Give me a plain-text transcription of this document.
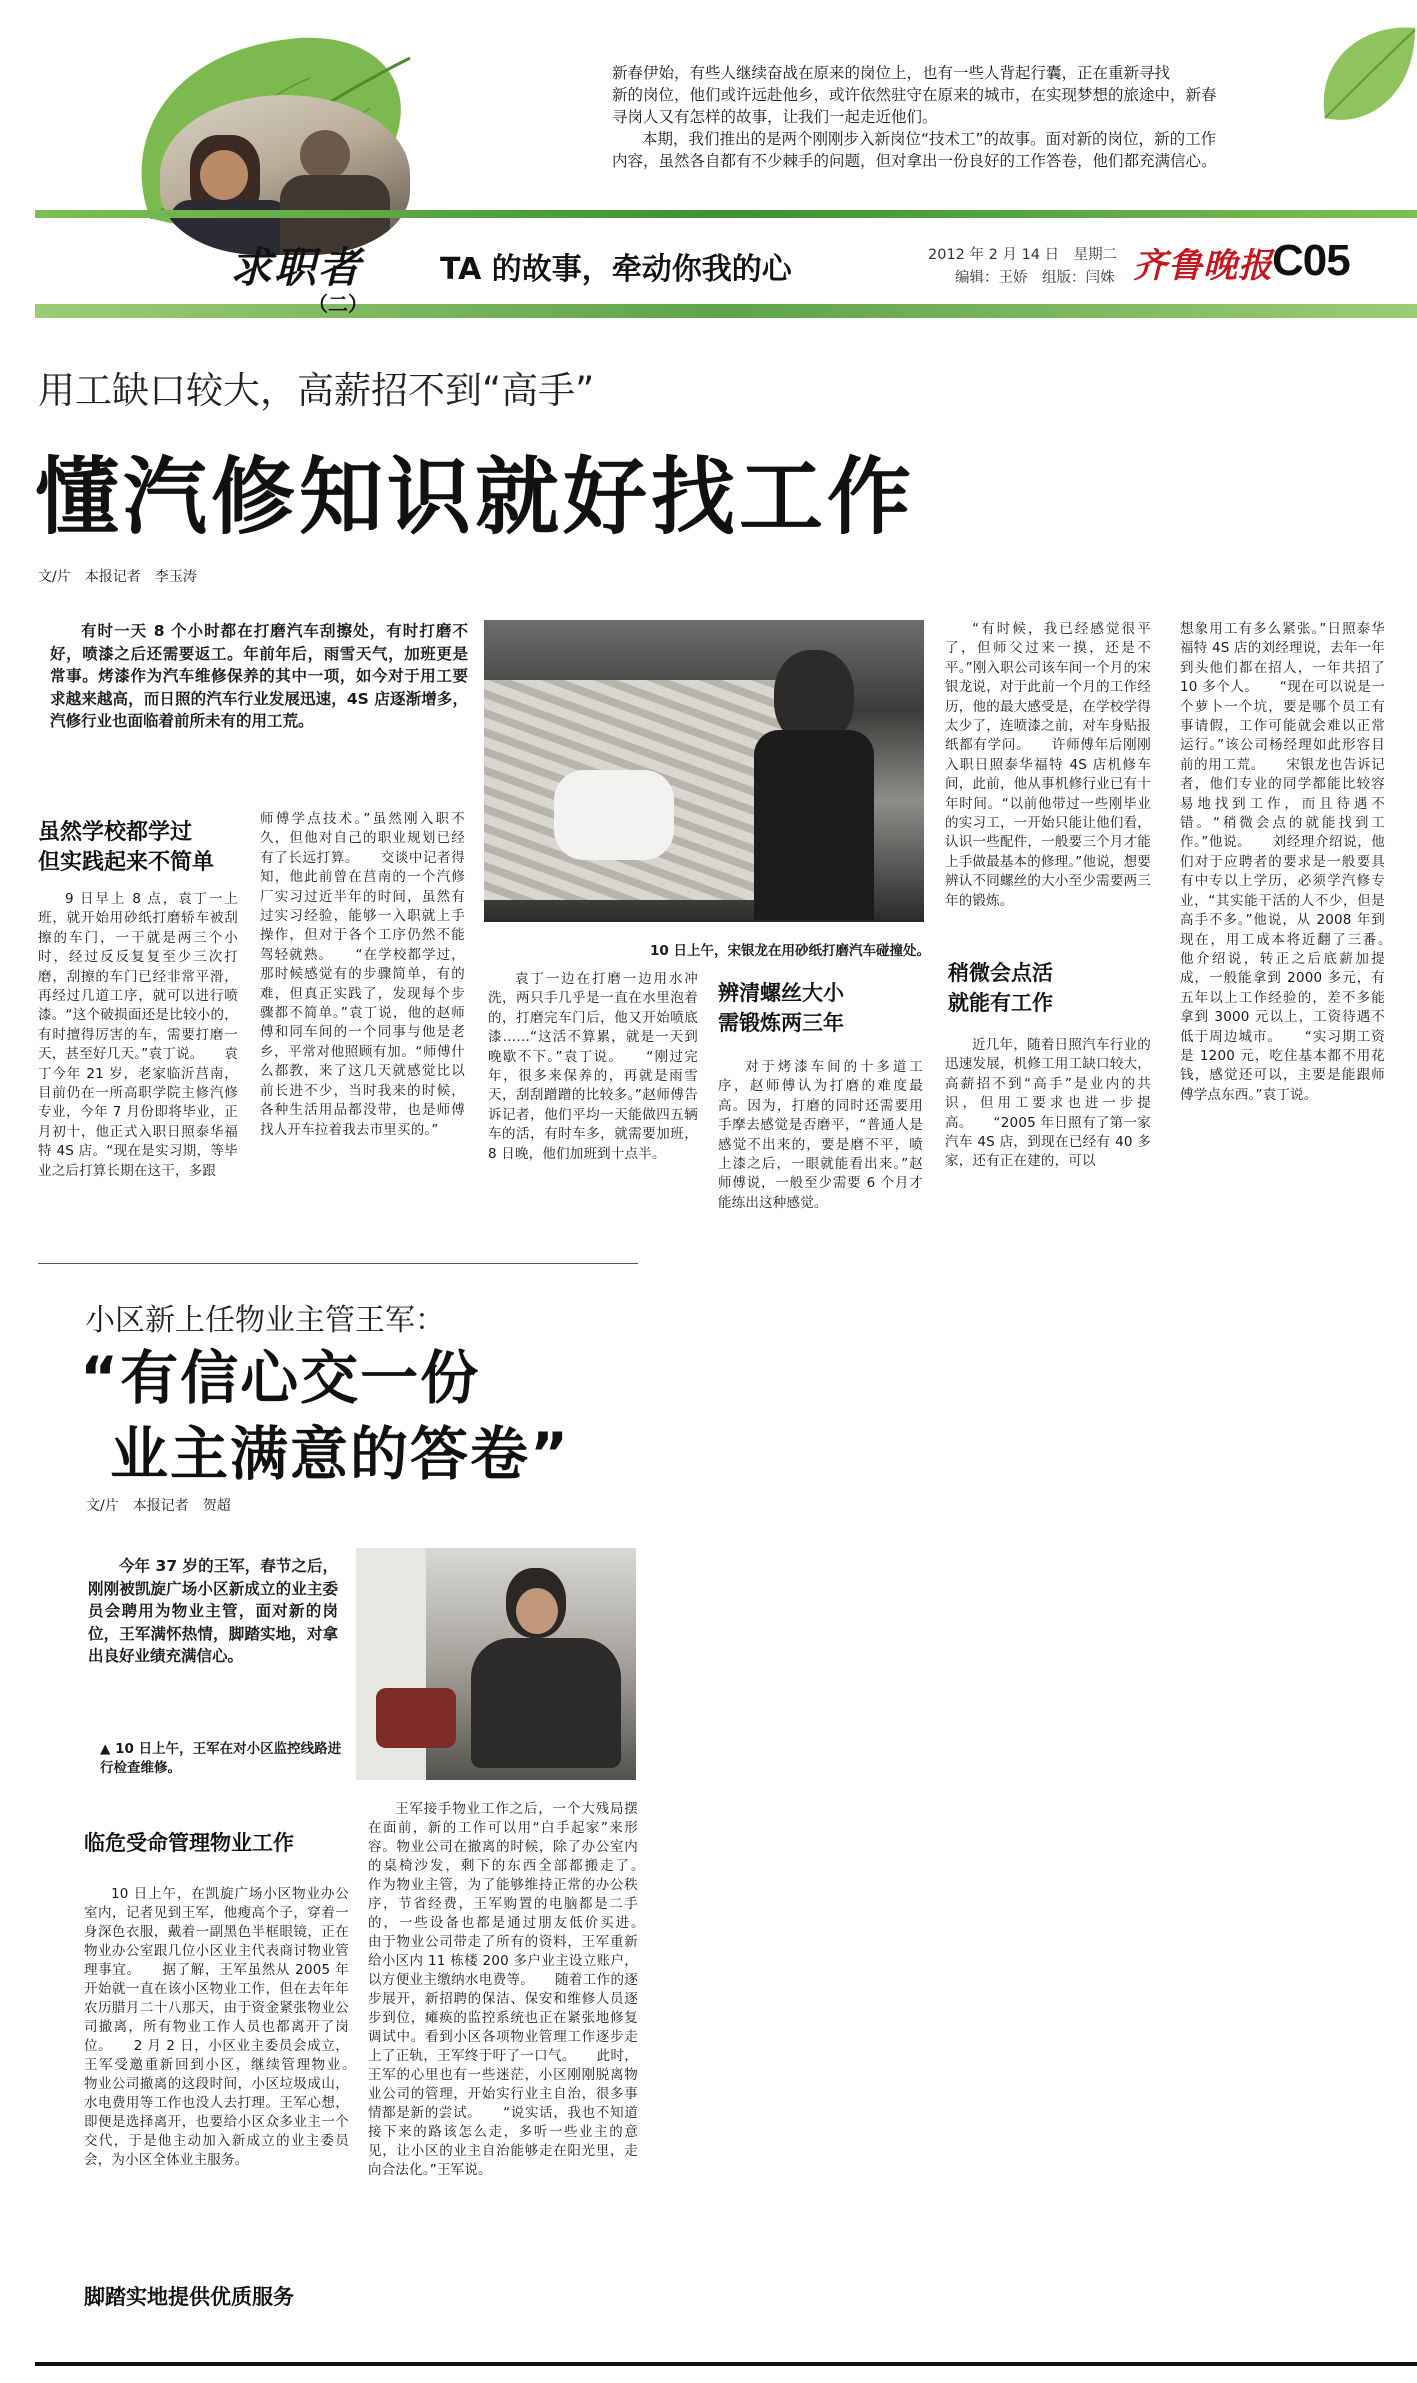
新春伊始，有些人继续奋战在原来的岗位上，也有一些人背起行囊，正在重新寻找
新的岗位，他们或许远赴他乡，或许依然驻守在原来的城市，在实现梦想的旅途中，新春
寻岗人又有怎样的故事，让我们一起走近他们。
本期，我们推出的是两个刚刚步入新岗位“技术工”的故事。面对新的岗位，新的工作
内容，虽然各自都有不少棘手的问题，但对拿出一份良好的工作答卷，他们都充满信心。
求职者
（二）
TA 的故事，牵动你我的心	2012 年 2 月 14 日　星期二
编辑：王娇　组版：闫姝 齐鲁晚报 C05
用工缺口较大，高薪招不到“高手”
懂汽修知识就好找工作
文/片　本报记者　李玉涛
有时一天 8 个小时都在打磨汽车刮擦处，有时打磨不好，喷漆之后还需要返工。年前年后，雨雪天气，加班更是常事。烤漆作为汽车维修保养的其中一项，如今对于用工要求越来越高，而日照的汽车行业发展迅速，4S 店逐渐增多，汽修行业也面临着前所未有的用工荒。
10 日上午，宋银龙在用砂纸打磨汽车碰撞处。
虽然学校都学过
但实践起来不简单
9 日早上 8 点，袁丁一上班，就开始用砂纸打磨轿车被刮擦的车门，一干就是两三个小时，经过反反复复至少三次打磨，刮擦的车门已经非常平滑，再经过几道工序，就可以进行喷漆。“这个破损面还是比较小的，有时擅得厉害的车，需要打磨一天，甚至好几天。”袁丁说。　　袁丁今年 21 岁，老家临沂莒南，目前仍在一所高职学院主修汽修专业，今年 7 月份即将毕业，正月初十，他正式入职日照泰华福特 4S 店。“现在是实习期，等毕业之后打算长期在这干，多跟
师傅学点技术。”虽然刚入职不久，但他对自己的职业规划已经有了长远打算。　　交谈中记者得知，他此前曾在莒南的一个汽修厂实习过近半年的时间，虽然有过实习经验，能够一入职就上手操作，但对于各个工序仍然不能驾轻就熟。　　“在学校都学过，那时候感觉有的步骤简单，有的难，但真正实践了，发现每个步骤都不简单。”袁丁说，他的赵师傅和同车间的一个同事与他是老乡，平常对他照顾有加。“师傅什么都教，来了这几天就感觉比以前长进不少，当时我来的时候，各种生活用品都没带，也是师傅找人开车拉着我去市里买的。”
袁丁一边在打磨一边用水冲洗，两只手几乎是一直在水里泡着的，打磨完车门后，他又开始喷底漆……“这活不算累，就是一天到晚歇不下。”袁丁说。　　“刚过完年，很多来保养的，再就是雨雪天，刮刮蹭蹭的比较多。”赵师傅告诉记者，他们平均一天能做四五辆车的活，有时车多，就需要加班，8 日晚，他们加班到十点半。
辨清螺丝大小
需锻炼两三年
对于烤漆车间的十多道工序，赵师傅认为打磨的难度最高。因为，打磨的同时还需要用手摩去感觉是否磨平，“普通人是感觉不出来的，要是磨不平，喷上漆之后，一眼就能看出来。”赵师傅说，一般至少需要 6 个月才能练出这种感觉。
“有时候，我已经感觉很平了，但师父过来一摸，还是不平。”刚入职公司该车间一个月的宋银龙说，对于此前一个月的工作经历，他的最大感受是，在学校学得太少了，连喷漆之前，对车身贴报纸都有学问。　　许师傅年后刚刚入职日照泰华福特 4S 店机修车间，此前，他从事机修行业已有十年时间。“以前他带过一些刚毕业的实习工，一开始只能让他们看，认识一些配件，一般要三个月才能上手做最基本的修理。”他说，想要辨认不同螺丝的大小至少需要两三年的锻炼。
稍微会点活
就能有工作
近几年，随着日照汽车行业的迅速发展，机修工用工缺口较大，高薪招不到“高手”是业内的共识，但用工要求也进一步提高。　　“2005 年日照有了第一家汽车 4S 店，到现在已经有 40 多家，还有正在建的，可以
想象用工有多么紧张。”日照泰华福特 4S 店的刘经理说，去年一年到头他们都在招人，一年共招了 10 多个人。　　“现在可以说是一个萝卜一个坑，要是哪个员工有事请假，工作可能就会难以正常运行。”该公司杨经理如此形容目前的用工荒。　　宋银龙也告诉记者，他们专业的同学都能比较容易地找到工作，而且待遇不错。“稍微会点的就能找到工作。”他说。　　刘经理介绍说，他们对于应聘者的要求是一般要具有中专以上学历，必须学汽修专业，“其实能干活的人不少，但是高手不多。”他说，从 2008 年到现在，用工成本将近翻了三番。　　他介绍说，转正之后底薪加提成，一般能拿到 2000 多元，有五年以上工作经验的，差不多能拿到 3000 元以上，工资待遇不低于周边城市。　　“实习期工资是 1200 元，吃住基本都不用花钱，感觉还可以，主要是能跟师傅学点东西。”袁丁说。
小区新上任物业主管王军：
“有信心交一份
业主满意的答卷”
文/片　本报记者　贺超
今年 37 岁的王军，春节之后，刚刚被凯旋广场小区新成立的业主委员会聘用为物业主管，面对新的岗位，王军满怀热情，脚踏实地，对拿出良好业绩充满信心。
▲ 10 日上午，王军在对小区监控线路进行检查维修。
临危受命管理物业工作
10 日上午，在凯旋广场小区物业办公室内，记者见到王军，他瘦高个子，穿着一身深色衣服，戴着一副黑色半框眼镜，正在物业办公室跟几位小区业主代表商讨物业管理事宜。　　据了解，王军虽然从 2005 年开始就一直在该小区物业工作，但在去年年农历腊月二十八那天，由于资金紧张物业公司撤离，所有物业工作人员也都离开了岗位。　　2 月 2 日，小区业主委员会成立，王军受邀重新回到小区，继续管理物业。　　物业公司撤离的这段时间，小区垃圾成山，水电费用等工作也没人去打理。王军心想，即便是选择离开，也要给小区众多业主一个交代，于是他主动加入新成立的业主委员会，为小区全体业主服务。
脚踏实地提供优质服务
王军接手物业工作之后，一个大残局摆在面前，新的工作可以用“白手起家”来形容。物业公司在撤离的时候，除了办公室内的桌椅沙发，剩下的东西全部都搬走了。　　作为物业主管，为了能够维持正常的办公秩序，节省经费，王军购置的电脑都是二手的，一些设备也都是通过朋友低价买进。　　由于物业公司带走了所有的资料，王军重新给小区内 11 栋楼 200 多户业主设立账户，以方便业主缴纳水电费等。　　随着工作的逐步展开，新招聘的保洁、保安和维修人员逐步到位，瘫痪的监控系统也正在紧张地修复调试中。看到小区各项物业管理工作逐步走上了正轨，王军终于吁了一口气。　　此时，王军的心里也有一些迷茫，小区刚刚脱离物业公司的管理，开始实行业主自治，很多事情都是新的尝试。　　“说实话，我也不知道接下来的路该怎么走，多听一些业主的意见，让小区的业主自治能够走在阳光里，走向合法化。”王军说。
